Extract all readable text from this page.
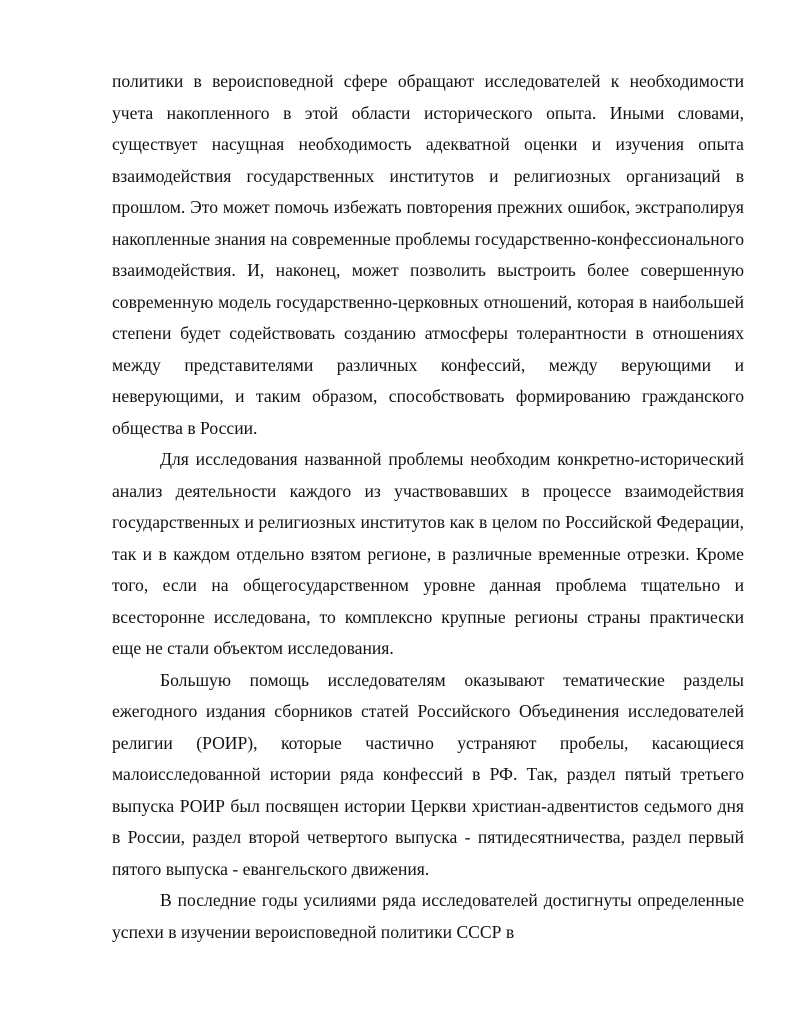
политики в вероисповедной сфере обращают исследователей к необходимости учета накопленного в этой области исторического опыта. Иными словами, существует насущная необходимость адекватной оценки и изучения опыта взаимодействия государственных институтов и религиозных организаций в прошлом. Это может помочь избежать повторения прежних ошибок, экстраполируя накопленные знания на современные проблемы государственно-конфессионального взаимодействия. И, наконец, может позволить выстроить более совершенную современную модель государственно-церковных отношений, которая в наибольшей степени будет содействовать созданию атмосферы толерантности в отношениях между представителями различных конфессий, между верующими и неверующими, и таким образом, способствовать формированию гражданского общества в России.

Для исследования названной проблемы необходим конкретно-исторический анализ деятельности каждого из участвовавших в процессе взаимодействия государственных и религиозных институтов как в целом по Российской Федерации, так и в каждом отдельно взятом регионе, в различные временные отрезки. Кроме того, если на общегосударственном уровне данная проблема тщательно и всесторонне исследована, то комплексно крупные регионы страны практически еще не стали объектом исследования.

Большую помощь исследователям оказывают тематические разделы ежегодного издания сборников статей Российского Объединения исследователей религии (РОИР), которые частично устраняют пробелы, касающиеся малоисследованной истории ряда конфессий в РФ. Так, раздел пятый третьего выпуска РОИР был посвящен истории Церкви христиан-адвентистов седьмого дня в России, раздел второй четвертого выпуска - пятидесятничества, раздел первый пятого выпуска - евангельского движения.

В последние годы усилиями ряда исследователей достигнуты определенные успехи в изучении вероисповедной политики СССР в
